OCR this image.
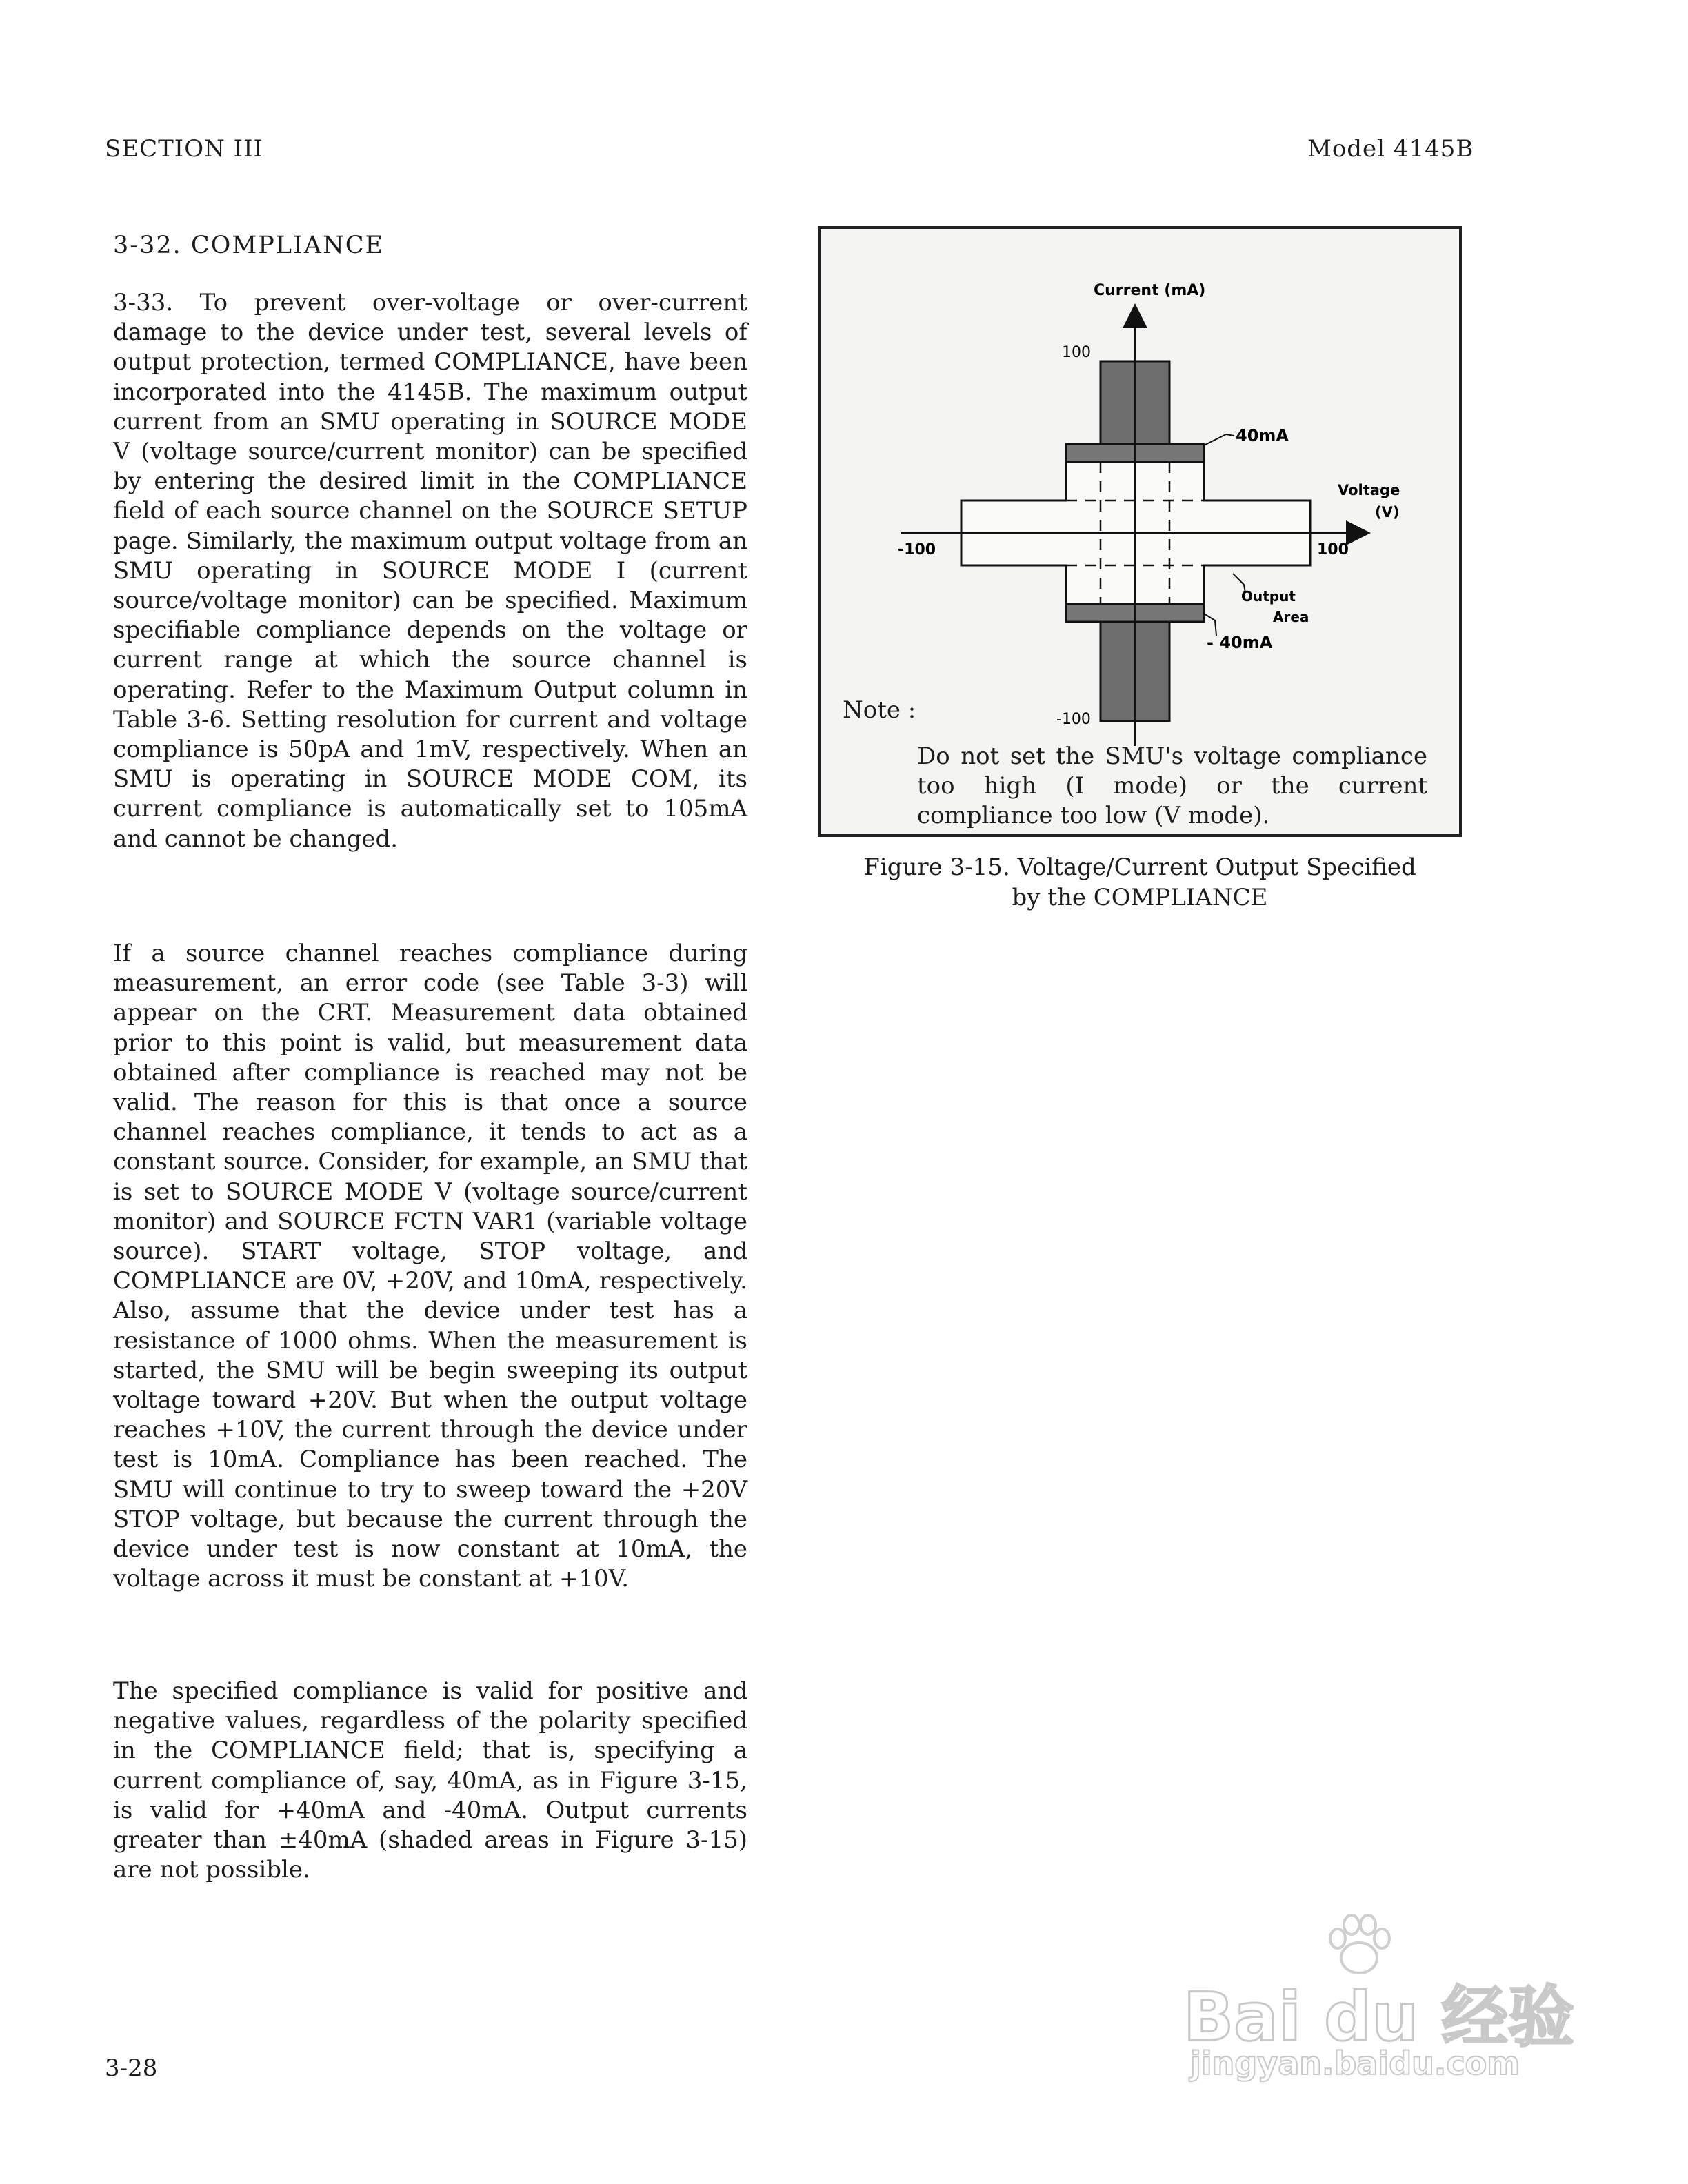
SECTION III	Model 4145B
3-32. COMPLIANCE
3-33. To prevent over-voltage or over-current damage to the device under test, several levels of output protection, termed COMPLIANCE, have been incorporated into the 4145B. The maximum output current from an SMU operating in SOURCE MODE V (voltage source/current monitor) can be specified by entering the desired limit in the COMPLIANCE field of each source channel on the SOURCE SETUP page. Similarly, the maximum output voltage from an SMU operating in SOURCE MODE I (current source/voltage monitor) can be specified. Maximum specifiable compliance depends on the voltage or current range at which the source channel is operating. Refer to the Maximum Output column in Table 3-6. Setting resolution for current and voltage compliance is 50pA and 1mV, respectively. When an SMU is operating in SOURCE MODE COM, its current compliance is automatically set to 105mA and cannot be changed.
If a source channel reaches compliance during measurement, an error code (see Table 3-3) will appear on the CRT. Measurement data obtained prior to this point is valid, but measurement data obtained after compliance is reached may not be valid. The reason for this is that once a source channel reaches compliance, it tends to act as a constant source. Consider, for example, an SMU that is set to SOURCE MODE V (voltage source/current monitor) and SOURCE FCTN VAR1 (variable voltage source). START voltage, STOP voltage, and COMPLIANCE are 0V, +20V, and 10mA, respectively. Also, assume that the device under test has a resistance of 1000 ohms. When the measurement is started, the SMU will be begin sweeping its output voltage toward +20V. But when the output voltage reaches +10V, the current through the device under test is 10mA. Compliance has been reached. The SMU will continue to try to sweep toward the +20V STOP voltage, but because the current through the device under test is now constant at 10mA, the voltage across it must be constant at +10V.
The specified compliance is valid for positive and negative values, regardless of the polarity specified in the COMPLIANCE field; that is, specifying a current compliance of, say, 40mA, as in Figure 3-15, is valid for +40mA and -40mA. Output currents greater than ±40mA (shaded areas in Figure 3-15) are not possible.
Current (mA)
100
-100
-100	100
Voltage
(V)
40mA
Output
Area
- 40mA
Note :
Do not set the SMU's voltage compliance too high (I mode) or the current compliance too low (V mode).
Figure 3-15. Voltage/Current Output Specified
by the COMPLIANCE
3-28
Bai du 经验
jingyan.baidu.com
